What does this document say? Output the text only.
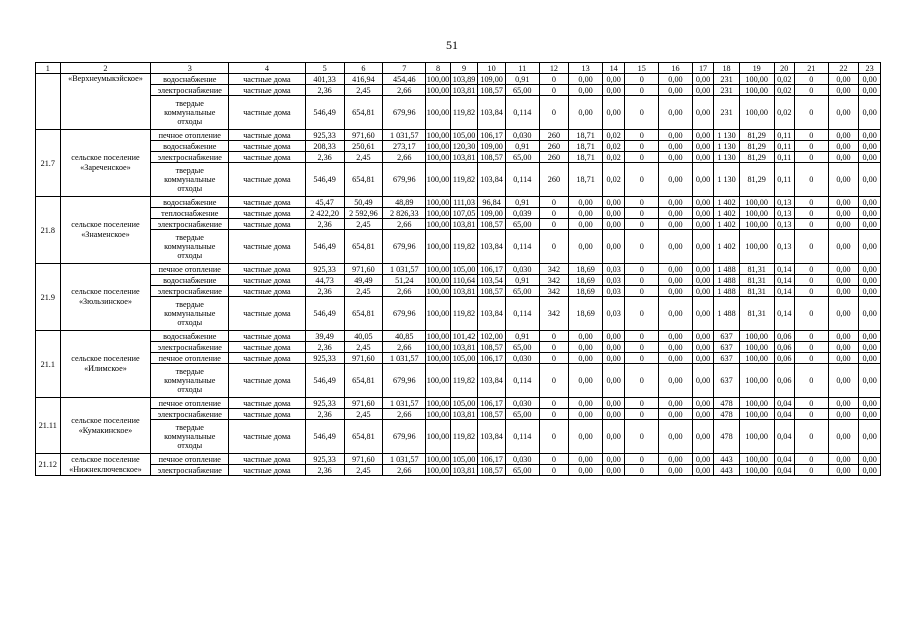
51
1	2	3	4	5	6	7	8	9	10	11	12	13	14	15	16	17	18	19	20	21	22	23
	«Верхнеумыкэйское»	водоснабжение	частные дома	401,33	416,94	454,46	100,00	103,89	109,00	0,91	0	0,00	0,00	0	0,00	0,00	231	100,00	0,02	0	0,00	0,00
		электроснабжение	частные дома	2,36	2,45	2,66	100,00	103,81	108,57	65,00	0	0,00	0,00	0	0,00	0,00	231	100,00	0,02	0	0,00	0,00
		твердые коммунальные отходы	частные дома	546,49	654,81	679,96	100,00	119,82	103,84	0,114	0	0,00	0,00	0	0,00	0,00	231	100,00	0,02	0	0,00	0,00
21.7	сельское поселение «Зареченское»	печное отопление	частные дома	925,33	971,60	1 031,57	100,00	105,00	106,17	0,030	260	18,71	0,02	0	0,00	0,00	1 130	81,29	0,11	0	0,00	0,00
		водоснабжение	частные дома	208,33	250,61	273,17	100,00	120,30	109,00	0,91	260	18,71	0,02	0	0,00	0,00	1 130	81,29	0,11	0	0,00	0,00
		электроснабжение	частные дома	2,36	2,45	2,66	100,00	103,81	108,57	65,00	260	18,71	0,02	0	0,00	0,00	1 130	81,29	0,11	0	0,00	0,00
		твердые коммунальные отходы	частные дома	546,49	654,81	679,96	100,00	119,82	103,84	0,114	260	18,71	0,02	0	0,00	0,00	1 130	81,29	0,11	0	0,00	0,00
21.8	сельское поселение «Знаменское»	водоснабжение	частные дома	45,47	50,49	48,89	100,00	111,03	96,84	0,91	0	0,00	0,00	0	0,00	0,00	1 402	100,00	0,13	0	0,00	0,00
		теплоснабжение	частные дома	2 422,20	2 592,96	2 826,33	100,00	107,05	109,00	0,039	0	0,00	0,00	0	0,00	0,00	1 402	100,00	0,13	0	0,00	0,00
		электроснабжение	частные дома	2,36	2,45	2,66	100,00	103,81	108,57	65,00	0	0,00	0,00	0	0,00	0,00	1 402	100,00	0,13	0	0,00	0,00
		твердые коммунальные отходы	частные дома	546,49	654,81	679,96	100,00	119,82	103,84	0,114	0	0,00	0,00	0	0,00	0,00	1 402	100,00	0,13	0	0,00	0,00
21.9	сельское поселение «Зюльзинское»	печное отопление	частные дома	925,33	971,60	1 031,57	100,00	105,00	106,17	0,030	342	18,69	0,03	0	0,00	0,00	1 488	81,31	0,14	0	0,00	0,00
		водоснабжение	частные дома	44,73	49,49	51,24	100,00	110,64	103,54	0,91	342	18,69	0,03	0	0,00	0,00	1 488	81,31	0,14	0	0,00	0,00
		электроснабжение	частные дома	2,36	2,45	2,66	100,00	103,81	108,57	65,00	342	18,69	0,03	0	0,00	0,00	1 488	81,31	0,14	0	0,00	0,00
		твердые коммунальные отходы	частные дома	546,49	654,81	679,96	100,00	119,82	103,84	0,114	342	18,69	0,03	0	0,00	0,00	1 488	81,31	0,14	0	0,00	0,00
21.1	сельское поселение «Илимское»	водоснабжение	частные дома	39,49	40,05	40,85	100,00	101,42	102,00	0,91	0	0,00	0,00	0	0,00	0,00	637	100,00	0,06	0	0,00	0,00
		электроснабжение	частные дома	2,36	2,45	2,66	100,00	103,81	108,57	65,00	0	0,00	0,00	0	0,00	0,00	637	100,00	0,06	0	0,00	0,00
		печное отопление	частные дома	925,33	971,60	1 031,57	100,00	105,00	106,17	0,030	0	0,00	0,00	0	0,00	0,00	637	100,00	0,06	0	0,00	0,00
		твердые коммунальные отходы	частные дома	546,49	654,81	679,96	100,00	119,82	103,84	0,114	0	0,00	0,00	0	0,00	0,00	637	100,00	0,06	0	0,00	0,00
21.11	сельское поселение «Кумакинское»	печное отопление	частные дома	925,33	971,60	1 031,57	100,00	105,00	106,17	0,030	0	0,00	0,00	0	0,00	0,00	478	100,00	0,04	0	0,00	0,00
		электроснабжение	частные дома	2,36	2,45	2,66	100,00	103,81	108,57	65,00	0	0,00	0,00	0	0,00	0,00	478	100,00	0,04	0	0,00	0,00
		твердые коммунальные отходы	частные дома	546,49	654,81	679,96	100,00	119,82	103,84	0,114	0	0,00	0,00	0	0,00	0,00	478	100,00	0,04	0	0,00	0,00
21.12	сельское поселение «Нижнеключевское»	печное отопление	частные дома	925,33	971,60	1 031,57	100,00	105,00	106,17	0,030	0	0,00	0,00	0	0,00	0,00	443	100,00	0,04	0	0,00	0,00
		электроснабжение	частные дома	2,36	2,45	2,66	100,00	103,81	108,57	65,00	0	0,00	0,00	0	0,00	0,00	443	100,00	0,04	0	0,00	0,00
